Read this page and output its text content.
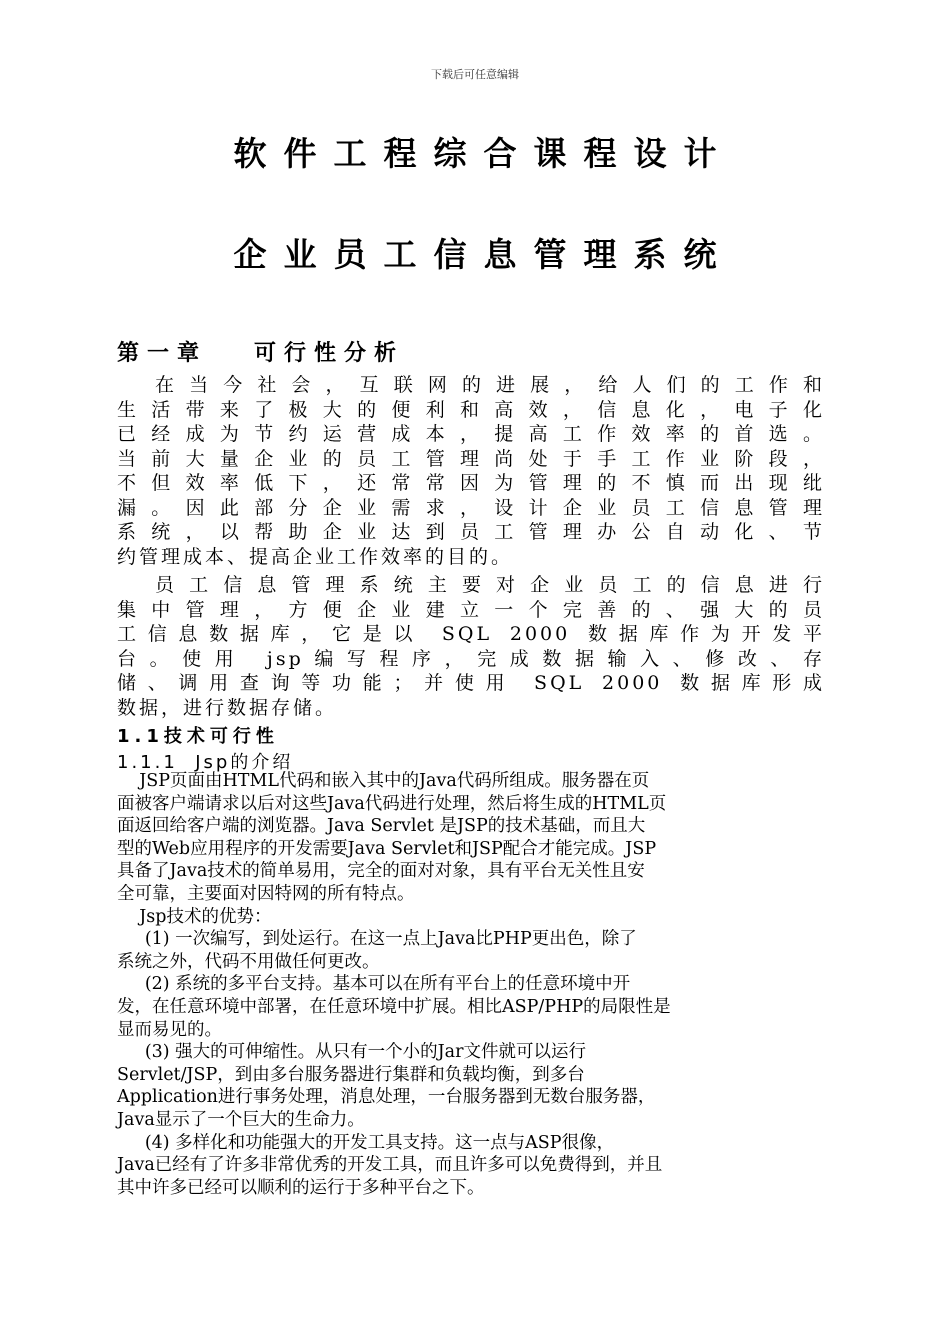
下载后可任意编辑
软件工程综合课程设计
企业员工信息管理系统
第一章   可行性分析
在当今社会，互联网的进展，给人们的工作和
生活带来了极大的便利和高效，信息化，电子化
已经成为节约运营成本，提高工作效率的首选。
当前大量企业的员工管理尚处于手工作业阶段，
不但效率低下，还常常因为管理的不慎而出现纰
漏。因此部分企业需求，设计企业员工信息管理
系统，以帮助企业达到员工管理办公自动化、节
约管理成本、提高企业工作效率的目的。
员工信息管理系统主要对企业员工的信息进行
集中管理，方便企业建立一个完善的、强大的员
工信息数据库，它是以 SQL 2000 数据库作为开发平
台。使用 jsp编写程序，完成数据输入、修改、存
储、调用查询等功能；并使用 SQL 2000 数据库形成
数据，进行数据存储。
1.1技术可行性
1.1.1  Jsp的介绍
JSP页面由HTML代码和嵌入其中的Java代码所组成。服务器在页
面被客户端请求以后对这些Java代码进行处理，然后将生成的HTML页
面返回给客户端的浏览器。Java Servlet 是JSP的技术基础，而且大
型的Web应用程序的开发需要Java Servlet和JSP配合才能完成。JSP
具备了Java技术的简单易用，完全的面对对象，具有平台无关性且安
全可靠，主要面对因特网的所有特点。
Jsp技术的优势：
(1) 一次编写，到处运行。在这一点上Java比PHP更出色，除了
系统之外，代码不用做任何更改。
(2) 系统的多平台支持。基本可以在所有平台上的任意环境中开
发，在任意环境中部署，在任意环境中扩展。相比ASP/PHP的局限性是
显而易见的。
(3) 强大的可伸缩性。从只有一个小的Jar文件就可以运行
Servlet/JSP，到由多台服务器进行集群和负载均衡，到多台
Application进行事务处理，消息处理，一台服务器到无数台服务器，
Java显示了一个巨大的生命力。
(4) 多样化和功能强大的开发工具支持。这一点与ASP很像，
Java已经有了许多非常优秀的开发工具，而且许多可以免费得到，并且
其中许多已经可以顺利的运行于多种平台之下。
